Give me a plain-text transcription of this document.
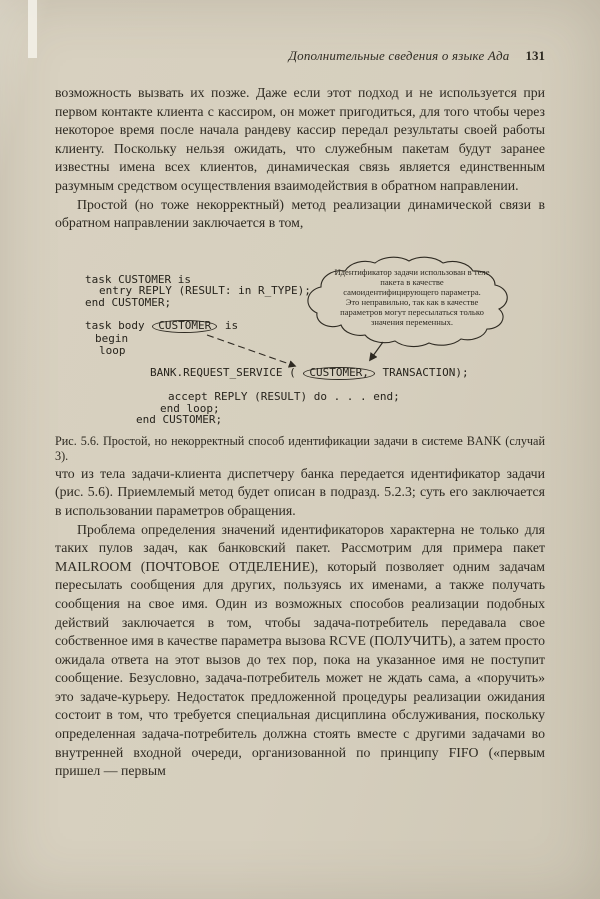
Дополнительные сведения о языке Ада 131

возможность вызвать их позже. Даже если этот подход и не используется при первом контакте клиента с кассиром, он может пригодиться, для того чтобы через некоторое время после начала рандеву кассир передал результаты своей работы клиенту. Поскольку нельзя ожидать, что служебным пакетам будут заранее известны имена всех клиентов, динамическая связь является единственным разумным средством осуществления взаимодействия в обратном направлении.

Простой (но тоже некорректный) метод реализации динамической связи в обратном направлении заключается в том,

Идентификатор задачи использован в теле пакета в качестве самоидентифицирующего параметра.
Это неправильно, так как в качестве параметров могут пересылаться только значения переменных.
task CUSTOMER is
entry REPLY (RESULT: in R_TYPE);
end CUSTOMER;
task body CUSTOMER is
begin
loop
BANK.REQUEST_SERVICE ( CUSTOMER, TRANSACTION);
accept REPLY (RESULT) do . . . end;
end loop;
end CUSTOMER;
Рис. 5.6. Простой, но некорректный способ идентификации задачи в системе BANK (случай 3).

что из тела задачи-клиента диспетчеру банка передается идентификатор задачи (рис. 5.6). Приемлемый метод будет описан в подразд. 5.2.3; суть его заключается в использовании параметров обращения.

Проблема определения значений идентификаторов характерна не только для таких пулов задач, как банковский пакет. Рассмотрим для примера пакет MAILROOM (ПОЧТОВОЕ ОТДЕЛЕНИЕ), который позволяет одним задачам пересылать сообщения для других, пользуясь их именами, а также получать сообщения на свое имя. Один из возможных способов реализации подобных действий заключается в том, чтобы задача-потребитель передавала свое собственное имя в качестве параметра вызова RCVE (ПОЛУЧИТЬ), а затем просто ожидала ответа на этот вызов до тех пор, пока на указанное имя не поступит сообщение. Безусловно, задача-потребитель может не ждать сама, а «поручить» это задаче-курьеру. Недостаток предложенной процедуры реализации ожидания состоит в том, что требуется специальная дисциплина обслуживания, поскольку определенная задача-потребитель должна стоять вместе с другими задачами во внутренней входной очереди, организованной по принципу FIFO («первым пришел — первым
